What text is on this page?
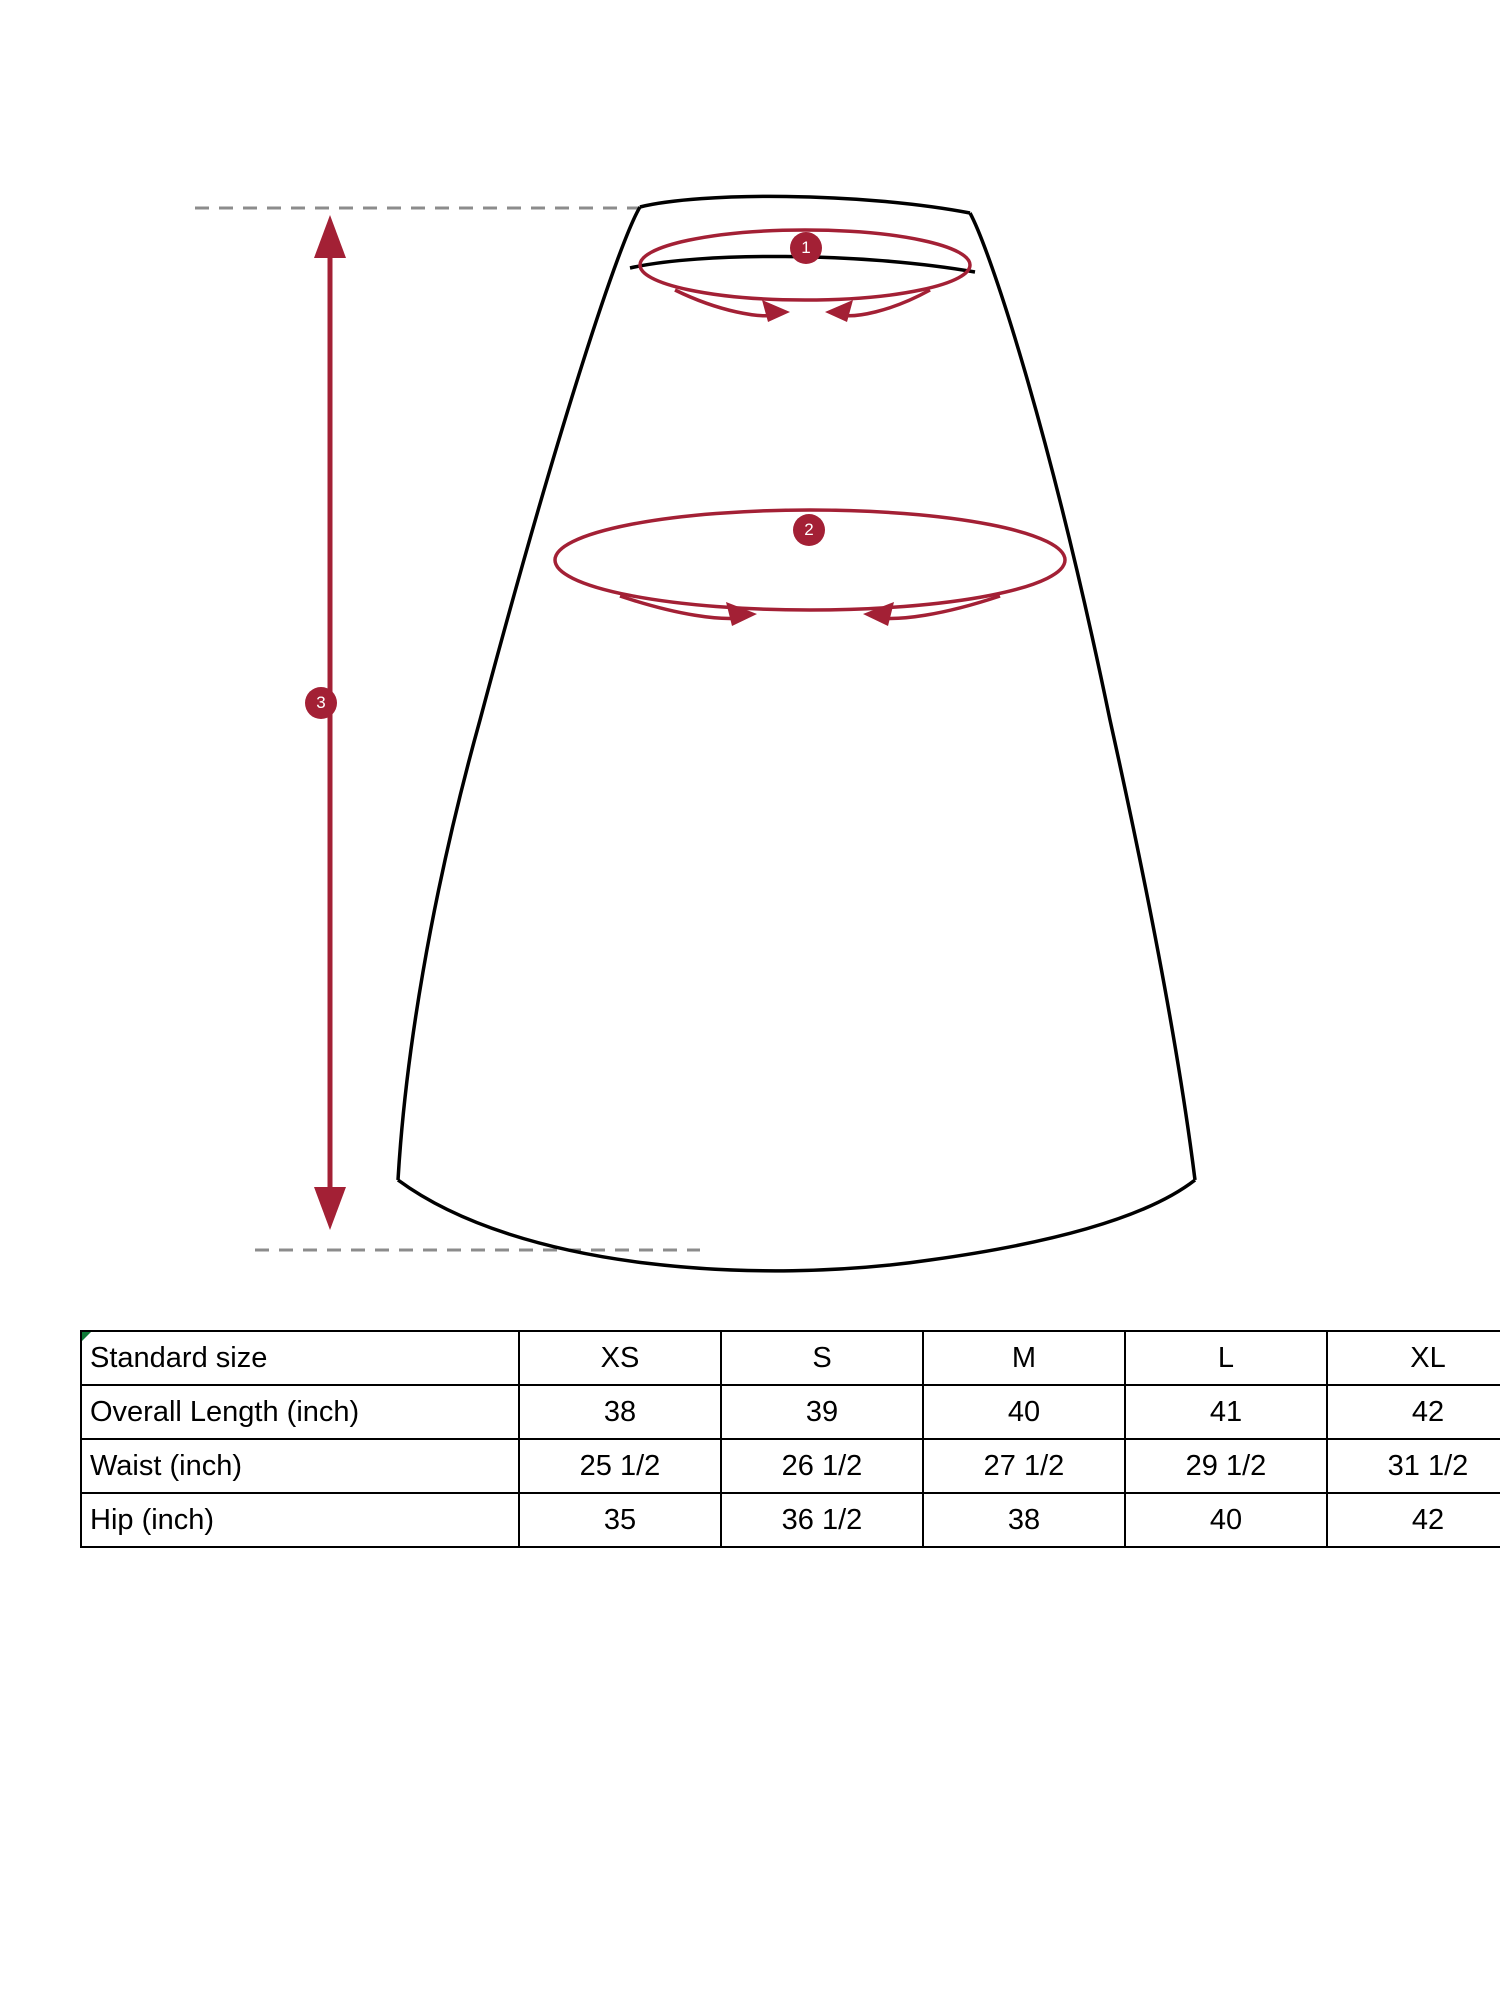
1
2
3
Standard size	XS	S	M	L	XL
Overall Length (inch)	38	39	40	41	42
Waist (inch)	25 1/2	26 1/2	27 1/2	29 1/2	31 1/2
Hip (inch)	35	36 1/2	38	40	42
